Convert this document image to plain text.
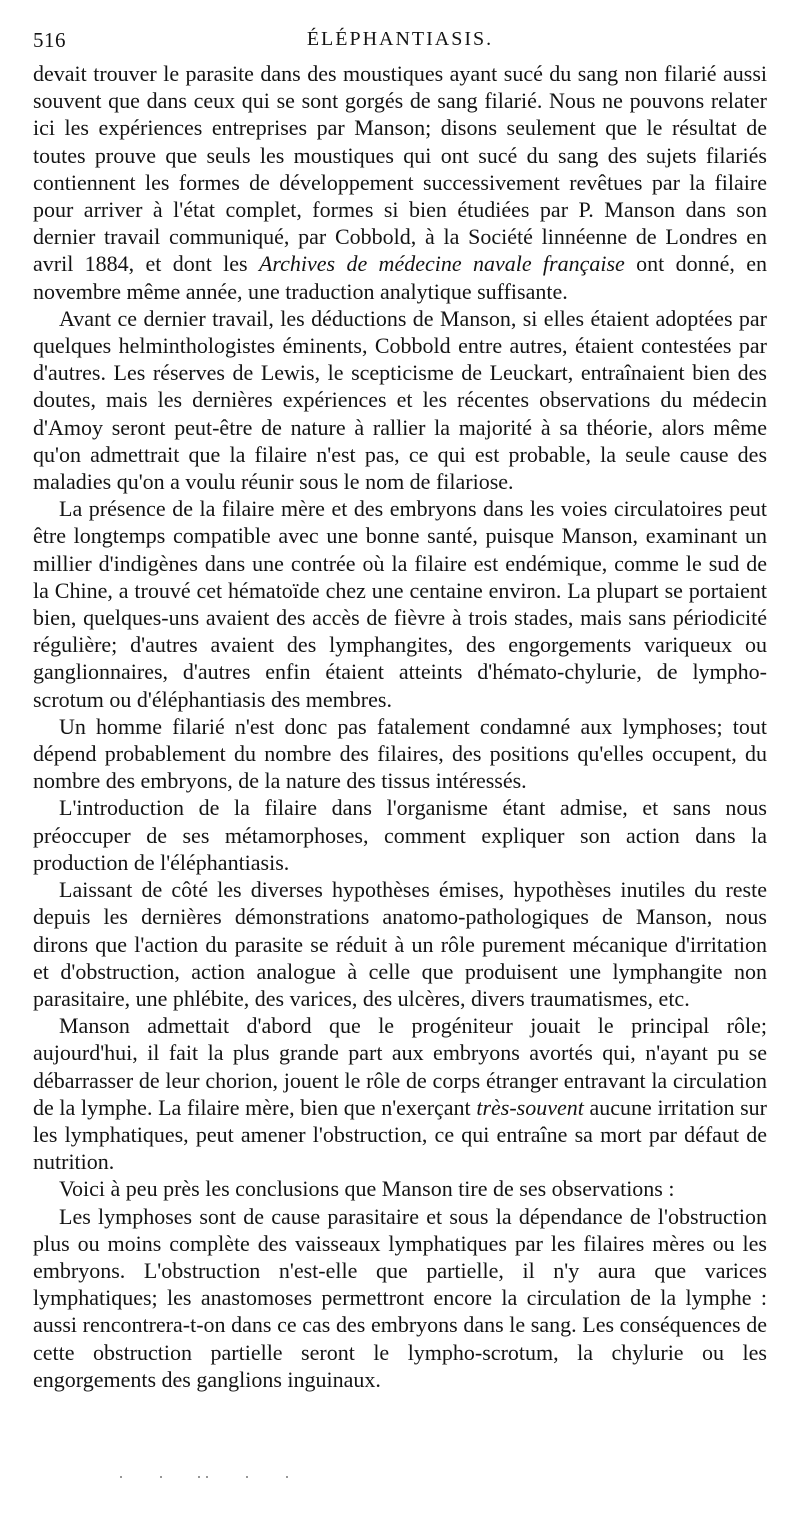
516	ÉLÉPHANTIASIS.

devait trouver le parasite dans des moustiques ayant sucé du sang non filarié aussi souvent que dans ceux qui se sont gorgés de sang filarié. Nous ne pouvons relater ici les expériences entreprises par Manson; disons seulement que le résultat de toutes prouve que seuls les moustiques qui ont sucé du sang des sujets filariés contiennent les formes de développement successivement revêtues par la filaire pour arriver à l'état complet, formes si bien étudiées par P. Manson dans son dernier travail communiqué, par Cobbold, à la Société linnéenne de Londres en avril 1884, et dont les Archives de médecine navale française ont donné, en novembre même année, une traduction analytique suffisante.

Avant ce dernier travail, les déductions de Manson, si elles étaient adoptées par quelques helminthologistes éminents, Cobbold entre autres, étaient contestées par d'autres. Les réserves de Lewis, le scepticisme de Leuckart, entraînaient bien des doutes, mais les dernières expériences et les récentes observations du médecin d'Amoy seront peut-être de nature à rallier la majorité à sa théorie, alors même qu'on admettrait que la filaire n'est pas, ce qui est probable, la seule cause des maladies qu'on a voulu réunir sous le nom de filariose.

La présence de la filaire mère et des embryons dans les voies circulatoires peut être longtemps compatible avec une bonne santé, puisque Manson, examinant un millier d'indigènes dans une contrée où la filaire est endémique, comme le sud de la Chine, a trouvé cet hématoïde chez une centaine environ. La plupart se portaient bien, quelques-uns avaient des accès de fièvre à trois stades, mais sans périodicité régulière; d'autres avaient des lymphangites, des engorgements variqueux ou ganglionnaires, d'autres enfin étaient atteints d'hémato-chylurie, de lympho-scrotum ou d'éléphantiasis des membres.

Un homme filarié n'est donc pas fatalement condamné aux lymphoses; tout dépend probablement du nombre des filaires, des positions qu'elles occupent, du nombre des embryons, de la nature des tissus intéressés.

L'introduction de la filaire dans l'organisme étant admise, et sans nous préoccuper de ses métamorphoses, comment expliquer son action dans la production de l'éléphantiasis.

Laissant de côté les diverses hypothèses émises, hypothèses inutiles du reste depuis les dernières démonstrations anatomo-pathologiques de Manson, nous dirons que l'action du parasite se réduit à un rôle purement mécanique d'irritation et d'obstruction, action analogue à celle que produisent une lymphangite non parasitaire, une phlébite, des varices, des ulcères, divers traumatismes, etc.

Manson admettait d'abord que le progéniteur jouait le principal rôle; aujourd'hui, il fait la plus grande part aux embryons avortés qui, n'ayant pu se débarrasser de leur chorion, jouent le rôle de corps étranger entravant la circulation de la lymphe. La filaire mère, bien que n'exerçant très-souvent aucune irritation sur les lymphatiques, peut amener l'obstruction, ce qui entraîne sa mort par défaut de nutrition.

Voici à peu près les conclusions que Manson tire de ses observations :

Les lymphoses sont de cause parasitaire et sous la dépendance de l'obstruction plus ou moins complète des vaisseaux lymphatiques par les filaires mères ou les embryons. L'obstruction n'est-elle que partielle, il n'y aura que varices lymphatiques; les anastomoses permettront encore la circulation de la lymphe : aussi rencontrera-t-on dans ce cas des embryons dans le sang. Les conséquences de cette obstruction partielle seront le lympho-scrotum, la chylurie ou les engorgements des ganglions inguinaux.
